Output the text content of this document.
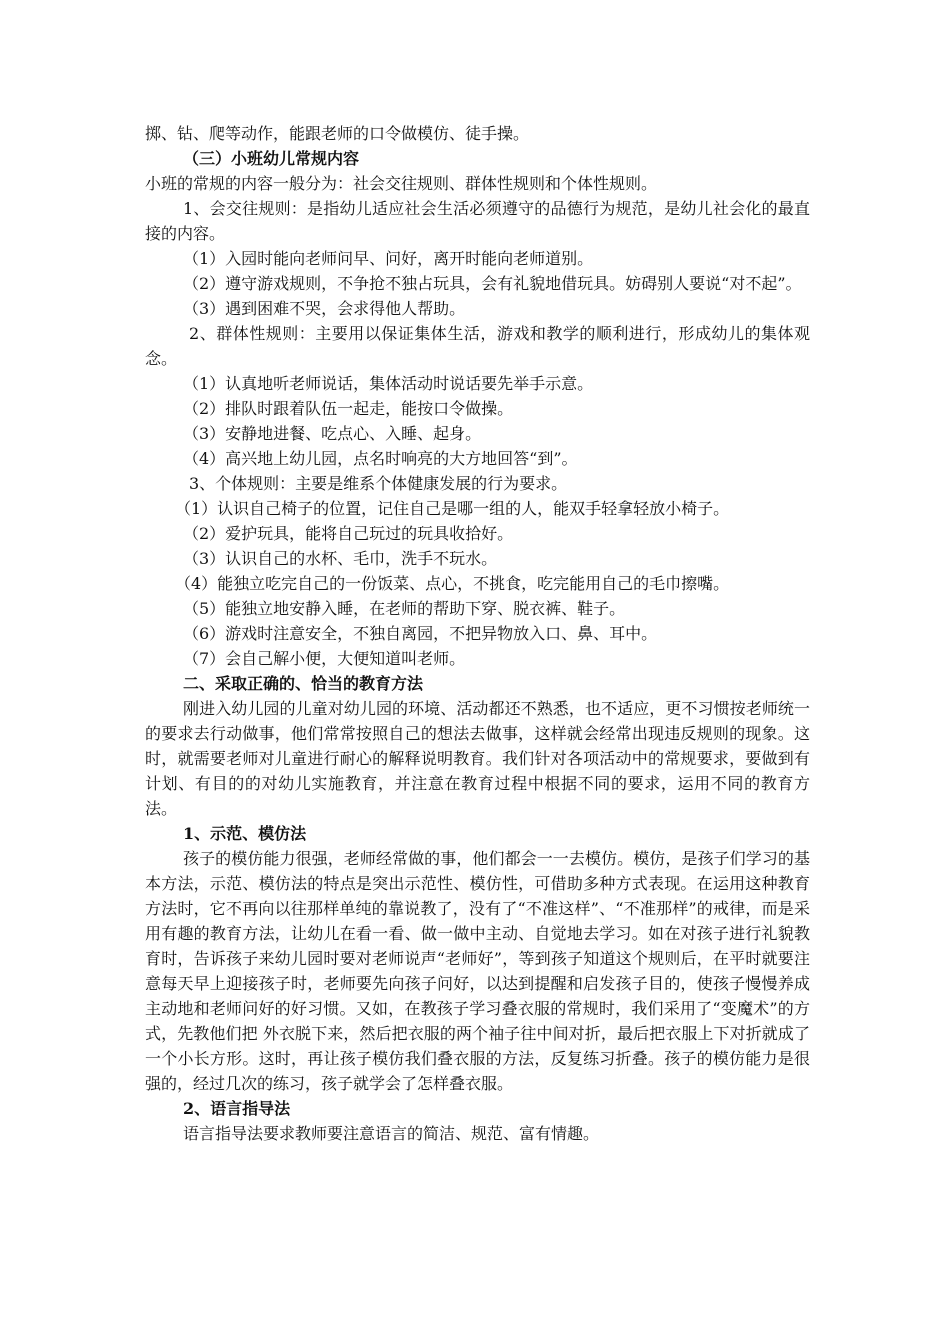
掷、钻、爬等动作，能跟老师的口令做模仿、徒手操。

（三）小班幼儿常规内容

小班的常规的内容一般分为：社会交往规则、群体性规则和个体性规则。

1、会交往规则：是指幼儿适应社会生活必须遵守的品德行为规范，是幼儿社会化的最直接的内容。

（1）入园时能向老师问早、问好，离开时能向老师道别。

（2）遵守游戏规则，不争抢不独占玩具，会有礼貌地借玩具。妨碍别人要说“对不起”。

（3）遇到困难不哭，会求得他人帮助。

2、群体性规则：主要用以保证集体生活，游戏和教学的顺利进行，形成幼儿的集体观念。

（1）认真地听老师说话，集体活动时说话要先举手示意。

（2）排队时跟着队伍一起走，能按口令做操。

（3）安静地进餐、吃点心、入睡、起身。

（4）高兴地上幼儿园，点名时响亮的大方地回答“到”。

3、个体规则：主要是维系个体健康发展的行为要求。

（1）认识自己椅子的位置，记住自己是哪一组的人，能双手轻拿轻放小椅子。

（2）爱护玩具，能将自己玩过的玩具收拾好。

（3）认识自己的水杯、毛巾，洗手不玩水。

（4）能独立吃完自己的一份饭菜、点心，不挑食，吃完能用自己的毛巾擦嘴。

（5）能独立地安静入睡，在老师的帮助下穿、脱衣裤、鞋子。

（6）游戏时注意安全，不独自离园，不把异物放入口、鼻、耳中。

（7）会自己解小便，大便知道叫老师。

二、采取正确的、恰当的教育方法

刚进入幼儿园的儿童对幼儿园的环境、活动都还不熟悉，也不适应，更不习惯按老师统一的要求去行动做事，他们常常按照自己的想法去做事，这样就会经常出现违反规则的现象。这时，就需要老师对儿童进行耐心的解释说明教育。我们针对各项活动中的常规要求，要做到有计划、有目的的对幼儿实施教育，并注意在教育过程中根据不同的要求，运用不同的教育方法。

1、示范、模仿法

孩子的模仿能力很强，老师经常做的事，他们都会一一去模仿。模仿，是孩子们学习的基本方法，示范、模仿法的特点是突出示范性、模仿性，可借助多种方式表现。在运用这种教育方法时，它不再向以往那样单纯的靠说教了，没有了“不准这样”、“不准那样”的戒律，而是采用有趣的教育方法，让幼儿在看一看、做一做中主动、自觉地去学习。如在对孩子进行礼貌教育时，告诉孩子来幼儿园时要对老师说声“老师好”，等到孩子知道这个规则后，在平时就要注意每天早上迎接孩子时，老师要先向孩子问好，以达到提醒和启发孩子目的，使孩子慢慢养成主动地和老师问好的好习惯。又如，在教孩子学习叠衣服的常规时，我们采用了“变魔术”的方式，先教他们把 外衣脱下来，然后把衣服的两个袖子往中间对折，最后把衣服上下对折就成了一个小长方形。这时，再让孩子模仿我们叠衣服的方法，反复练习折叠。孩子的模仿能力是很强的，经过几次的练习，孩子就学会了怎样叠衣服。

2、语言指导法

语言指导法要求教师要注意语言的简洁、规范、富有情趣。
